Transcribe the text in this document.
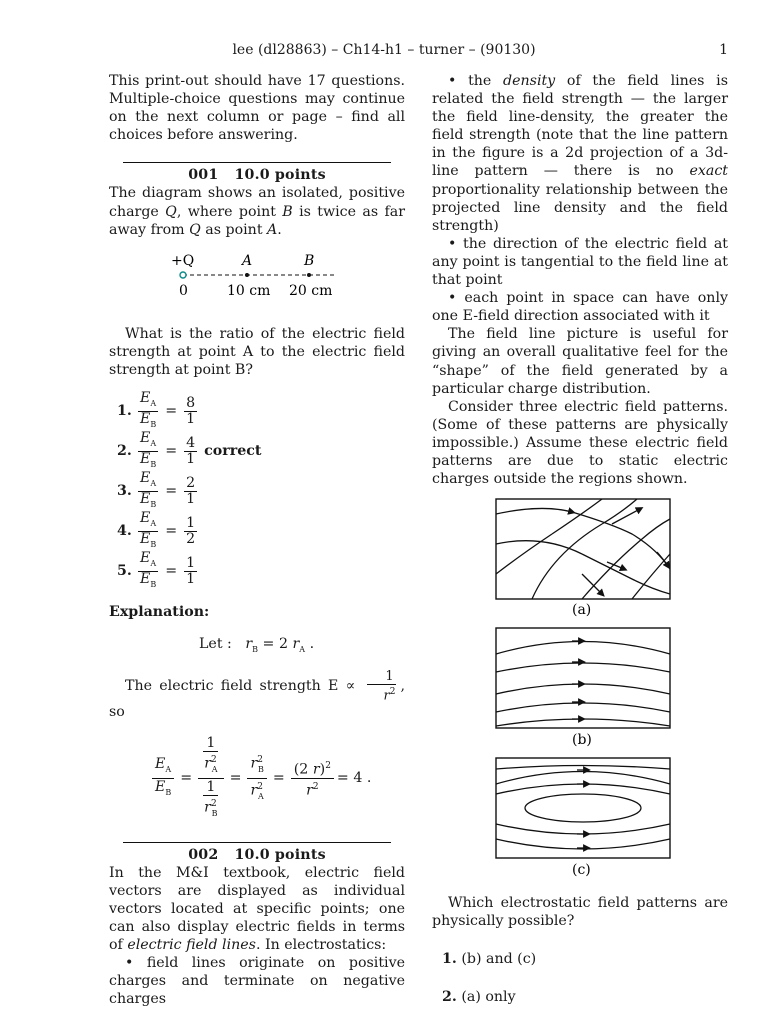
lee (dl28863) – Ch14-h1 – turner – (90130)	1

This print-out should have 17 questions. Multiple-choice questions may continue on the next column or page – find all choices before answering.

001 10.0 points

The diagram shows an isolated, positive charge Q, where point B is twice as far away from Q as point A.

+Q	A	B
0	10 cm 20 cm

What is the ratio of the electric field strength at point A to the electric field strength at point B?

1. $\frac{E_A}{E_B} = \frac{8}{1}$
2. $\frac{E_A}{E_B} = \frac{4}{1}$ correct
3. $\frac{E_A}{E_B} = \frac{2}{1}$
4. $\frac{E_A}{E_B} = \frac{1}{2}$
5. $\frac{E_A}{E_B} = \frac{1}{1}$

Explanation:

Let : $r_B = 2$ $r_A$ .

The electric field strength $E \propto \frac{1}{r^2}$ , so

$\frac{E_A}{E_B} = \frac{\frac{1}{r^2_A}}{\frac{1}{r^2_B}} = \frac{r^2_B}{r^2_A} = \frac{(2 r)^2}{r^2} = 4$ .
002 10.0 points

In the M&I textbook, electric field vectors are displayed as individual vectors located at specific points; one can also display electric fields in terms of electric field lines. In electrostatics:

• field lines originate on positive charges and terminate on negative charges

• the density of the field lines is related the field strength — the larger the field line-density, the greater the field strength (note that the line pattern in the figure is a 2d projection of a 3d-line pattern — there is no exact proportionality relationship between the projected line density and the field strength)

• the direction of the electric field at any point is tangential to the field line at that point

• each point in space can have only one E-field direction associated with it

The field line picture is useful for giving an overall qualitative feel for the “shape” of the field generated by a particular charge distribution.

Consider three electric field patterns. (Some of these patterns are physically impossible.) Assume these electric field patterns are due to static electric charges outside the regions shown.

(a)
(b)
(c)

Which electrostatic field patterns are physically possible?

1. (b) and (c)
2. (a) only
